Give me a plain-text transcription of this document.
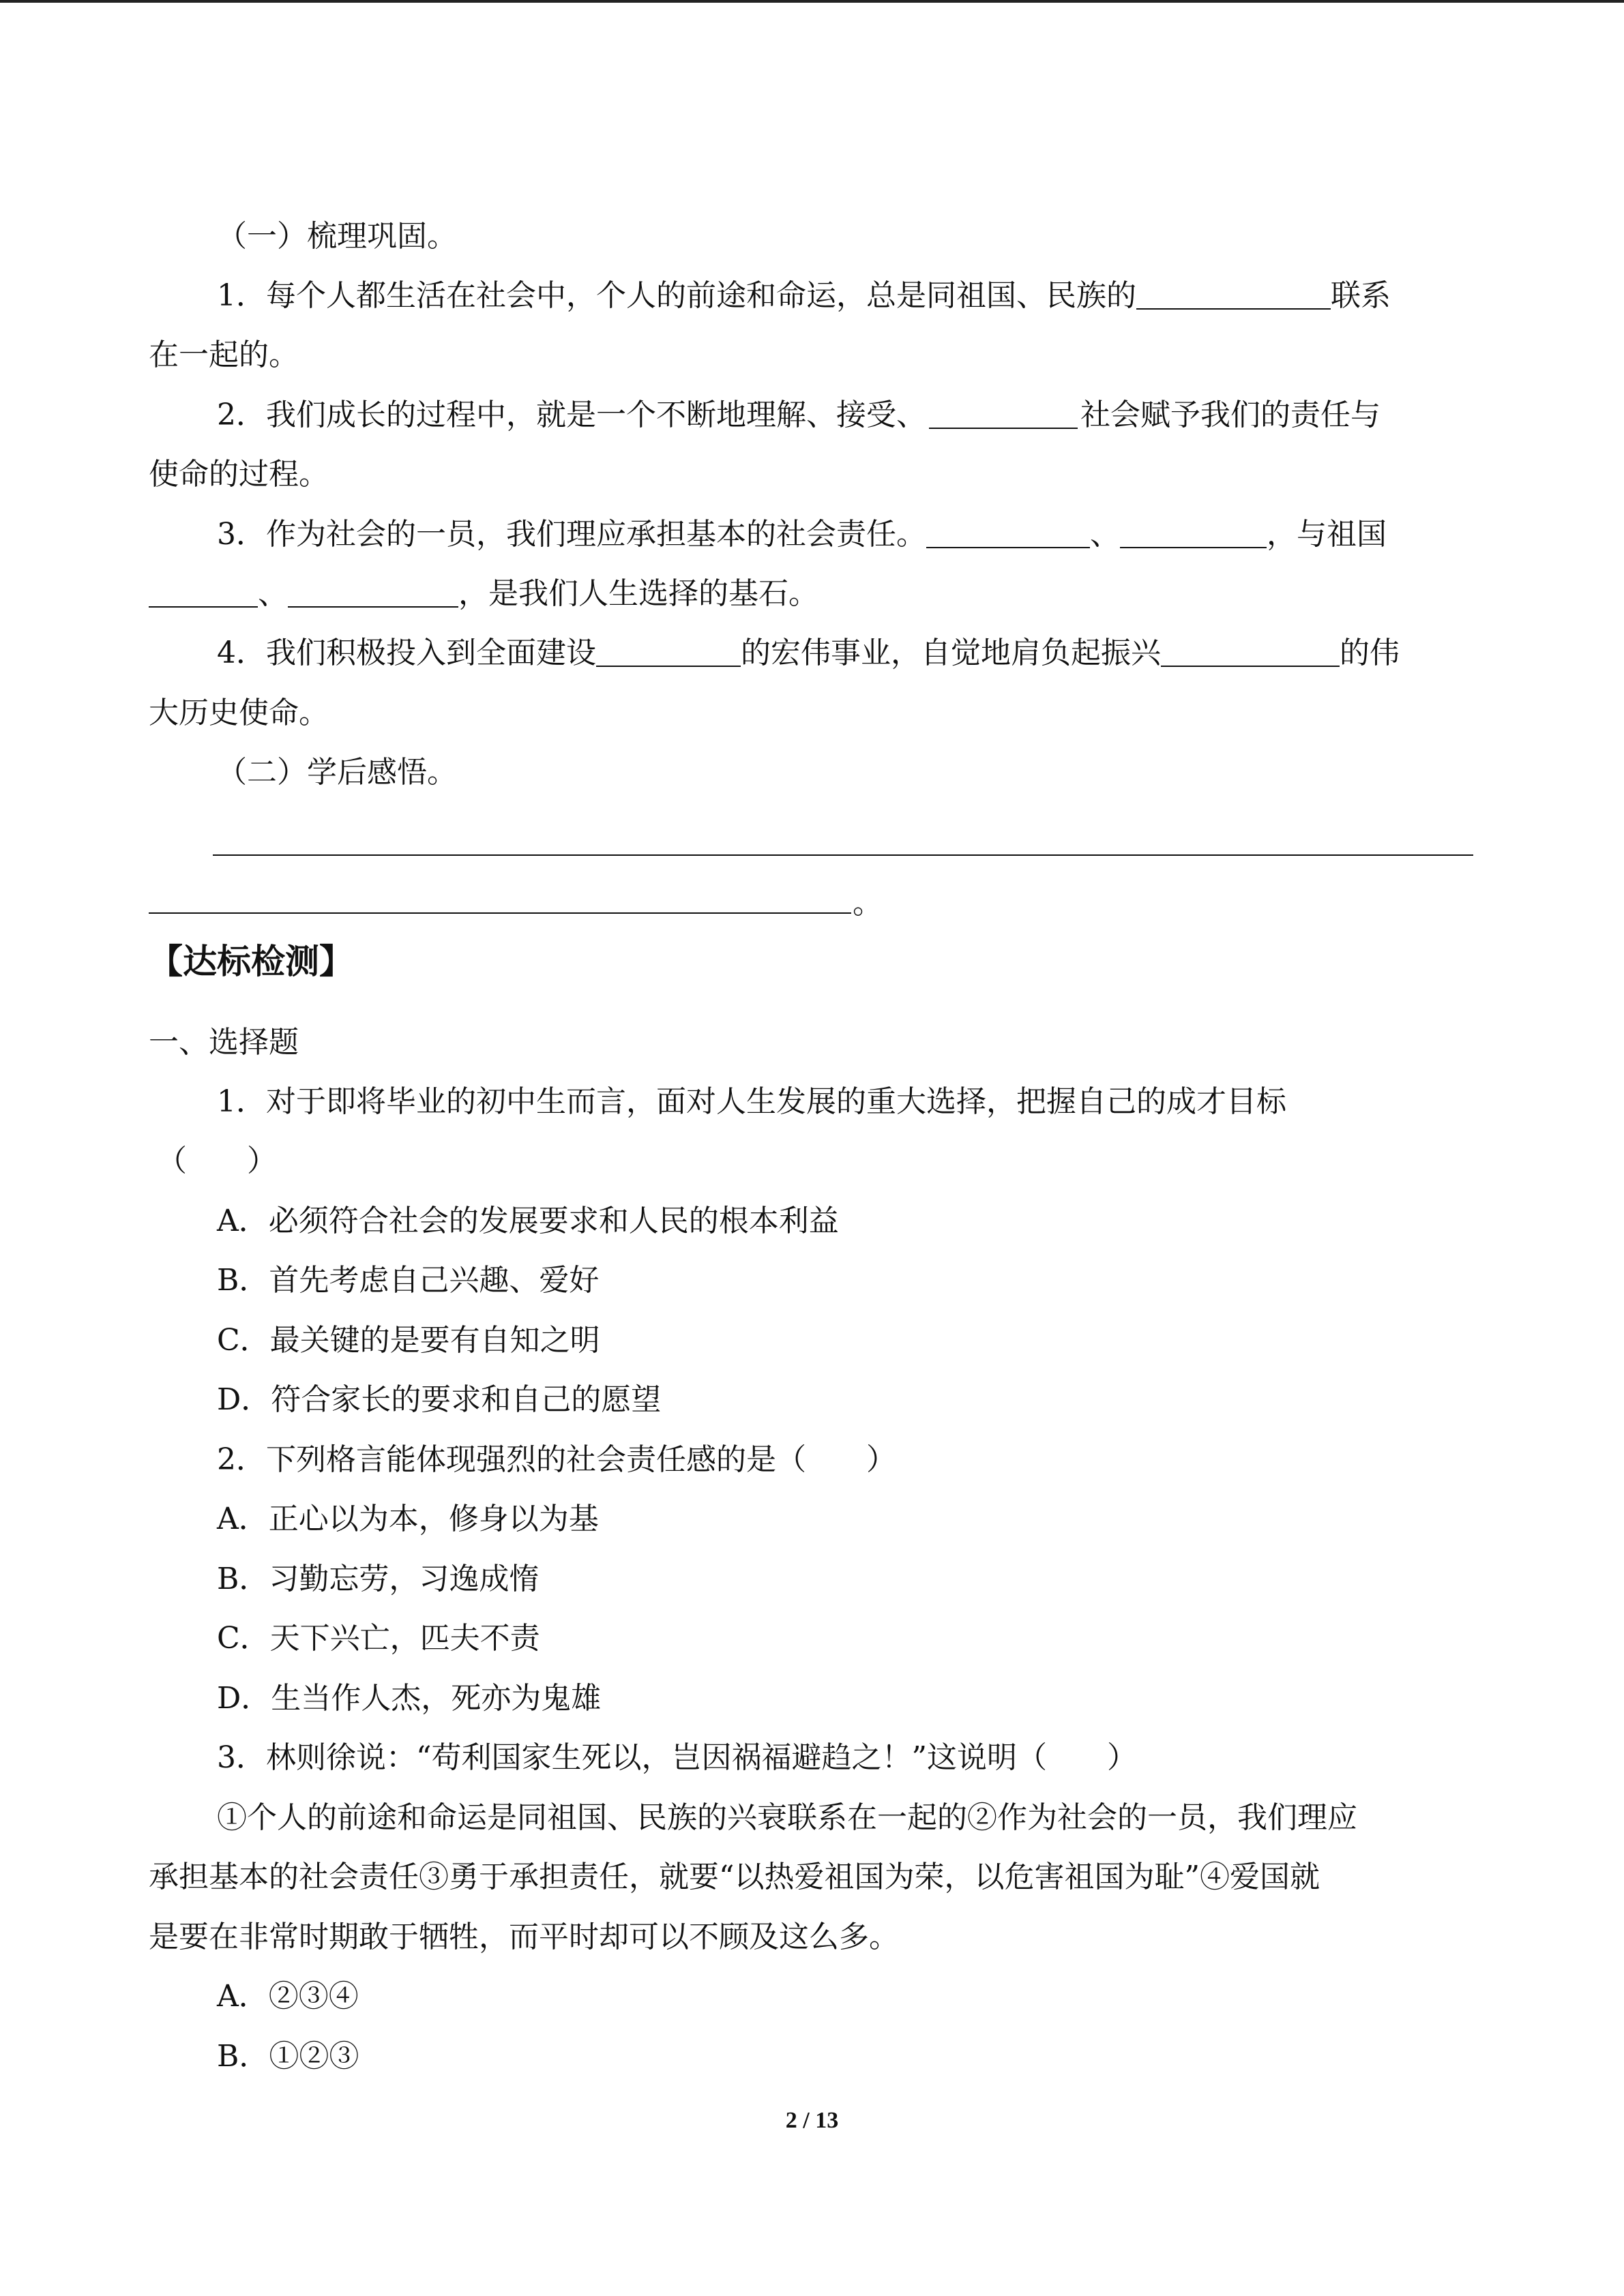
（一）梳理巩固。
1．每个人都生活在社会中，个人的前途和命运，总是同祖国、民族的	联系
在一起的。
2．我们成长的过程中，就是一个不断地理解、接受、	社会赋予我们的责任与
使命的过程。
3．作为社会的一员，我们理应承担基本的社会责任。	、	，与祖国
、	，是我们人生选择的基石。
4．我们积极投入到全面建设	的宏伟事业，自觉地肩负起振兴	的伟
大历史使命。
（二）学后感悟。
。
【达标检测】
一、选择题
1．对于即将毕业的初中生而言，面对人生发展的重大选择，把握自己的成才目标
（　　）
A．必须符合社会的发展要求和人民的根本利益
B．首先考虑自己兴趣、爱好
C．最关键的是要有自知之明
D．符合家长的要求和自己的愿望
2．下列格言能体现强烈的社会责任感的是（　　）
A．正心以为本，修身以为基
B．习勤忘劳，习逸成惰
C．天下兴亡，匹夫不责
D．生当作人杰，死亦为鬼雄
3．林则徐说：“苟利国家生死以，岂因祸福避趋之！”这说明（　　）
①个人的前途和命运是同祖国、民族的兴衰联系在一起的②作为社会的一员，我们理应
承担基本的社会责任③勇于承担责任，就要“以热爱祖国为荣，以危害祖国为耻”④爱国就
是要在非常时期敢于牺牲，而平时却可以不顾及这么多。
A．②③④
B．①②③
2 / 13
